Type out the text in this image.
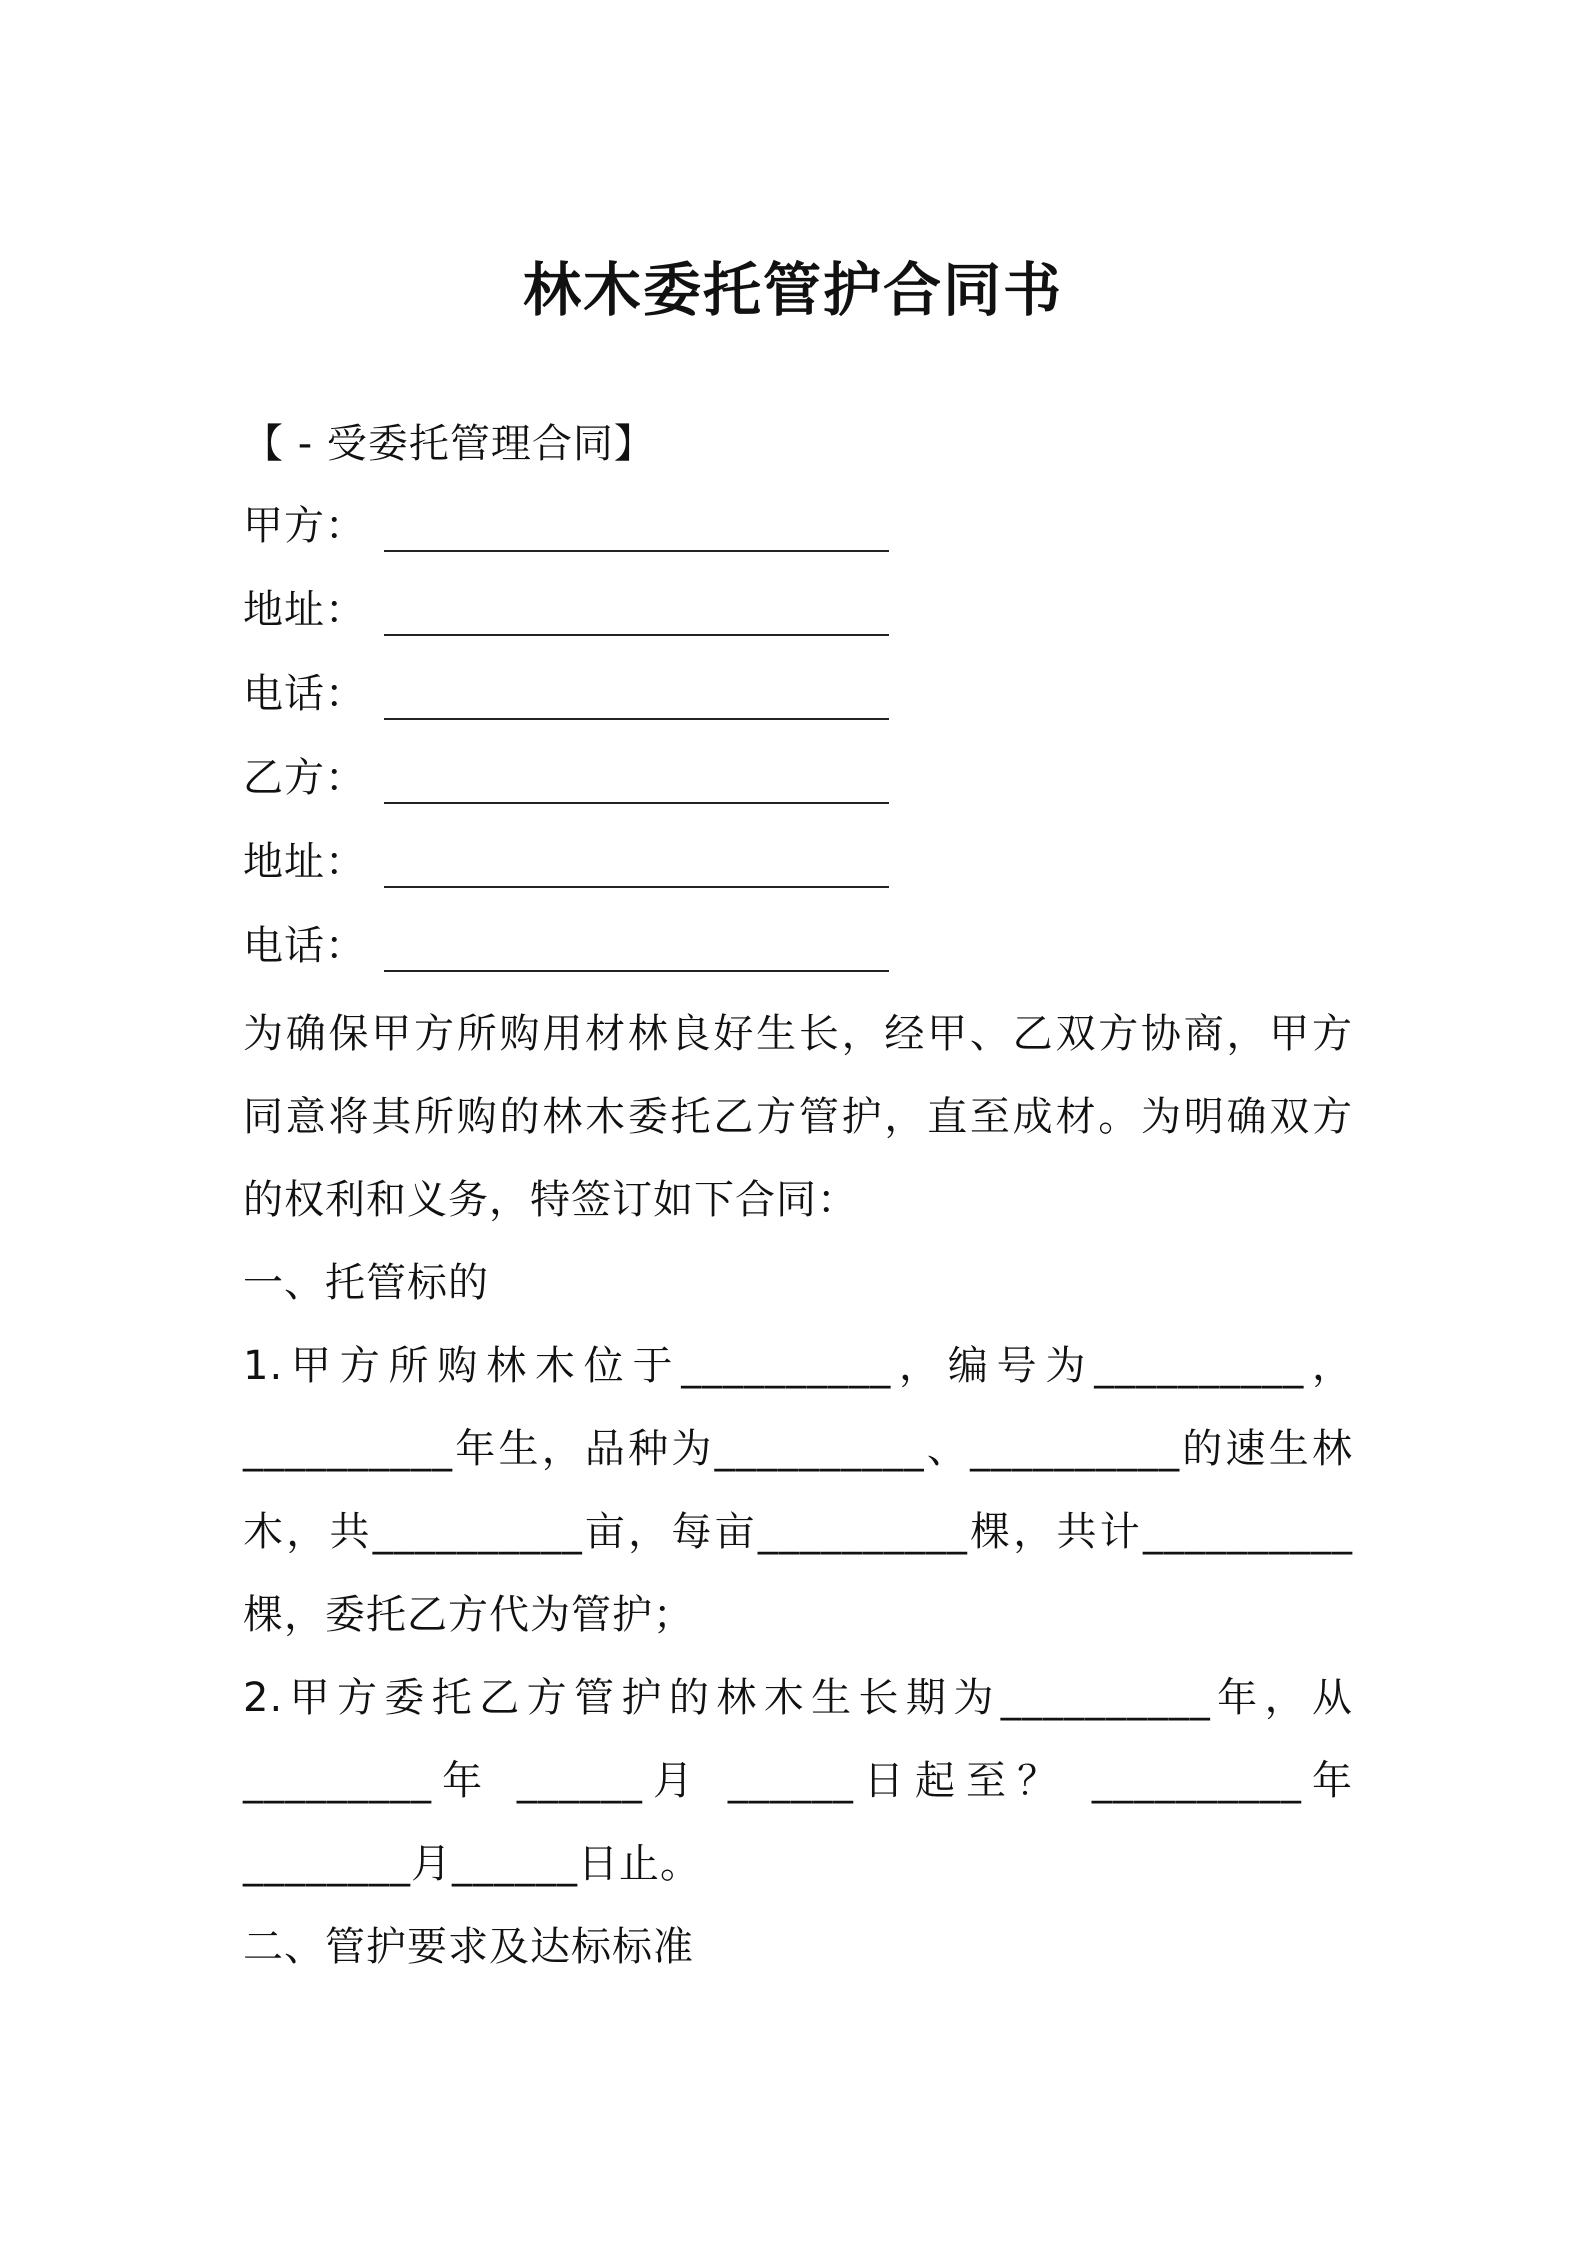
林木委托管护合同书
【 - 受委托管理合同】
甲方：
地址：
电话：
乙方：
地址：
电话：
为确保甲方所购用材林良好生长，经甲、乙双方协商，甲方
同意将其所购的林木委托乙方管护，直至成材。为明确双方
的权利和义务，特签订如下合同：
一、托管标的
1.甲方所购林木位于__________，编号为__________，
__________年生，品种为__________、__________的速生林
木，共__________亩，每亩__________棵，共计__________
棵，委托乙方代为管护；
2.甲方委托乙方管护的林木生长期为__________年，从
_________年 ______月 ______日起至？ __________年
________月______日止。
二、管护要求及达标标准
